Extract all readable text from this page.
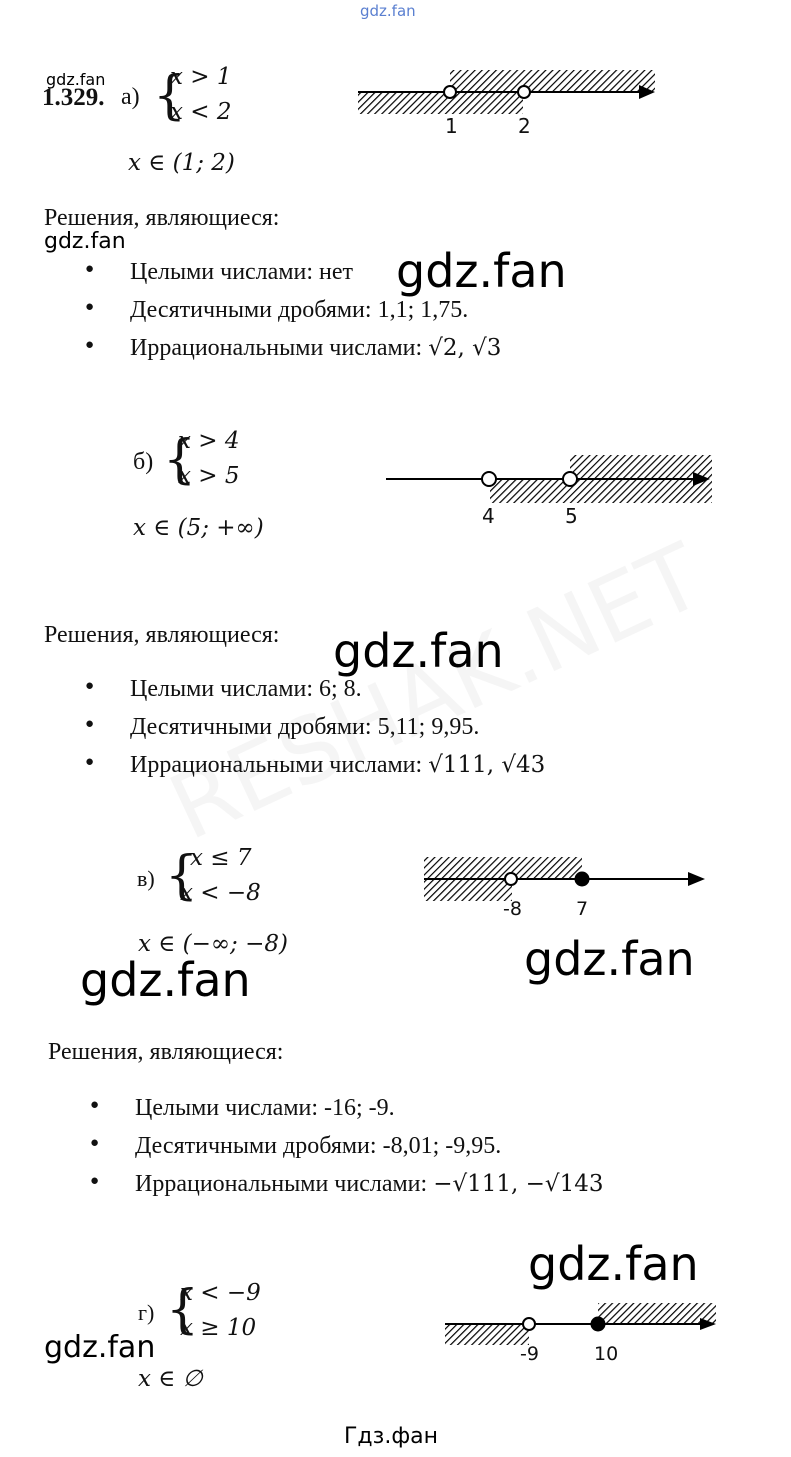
gdz.fan
gdz.fan
1.329. а) {
x > 1
x < 2
x ∈ (1; 2)
1	2
Решения, являющиеся:
gdz.fan
● Целыми числами: нет
● Десятичными дробями: 1,1; 1,75.
● Иррациональными числами: √2, √3
gdz.fan
б) {
x > 4
x > 5
x ∈ (5; +∞)	4	5
Решения, являющиеся: gdz.fan
● Целыми числами: 6; 8.
● Десятичными дробями: 5,11; 9,95.
● Иррациональными числами: √111, √43
в) {
x ≤ 7
x < −8
x ∈ (−∞; −8)
-8	7
gdz.fan	gdz.fan
Решения, являющиеся:
● Целыми числами: -16; -9.
● Десятичными дробями: -8,01; -9,95.
● Иррациональными числами: −√111, −√143
gdz.fan
г) {
x < −9
x ≥ 10
gdz.fan
x ∈ ∅
-9	10
Гдз.фан
